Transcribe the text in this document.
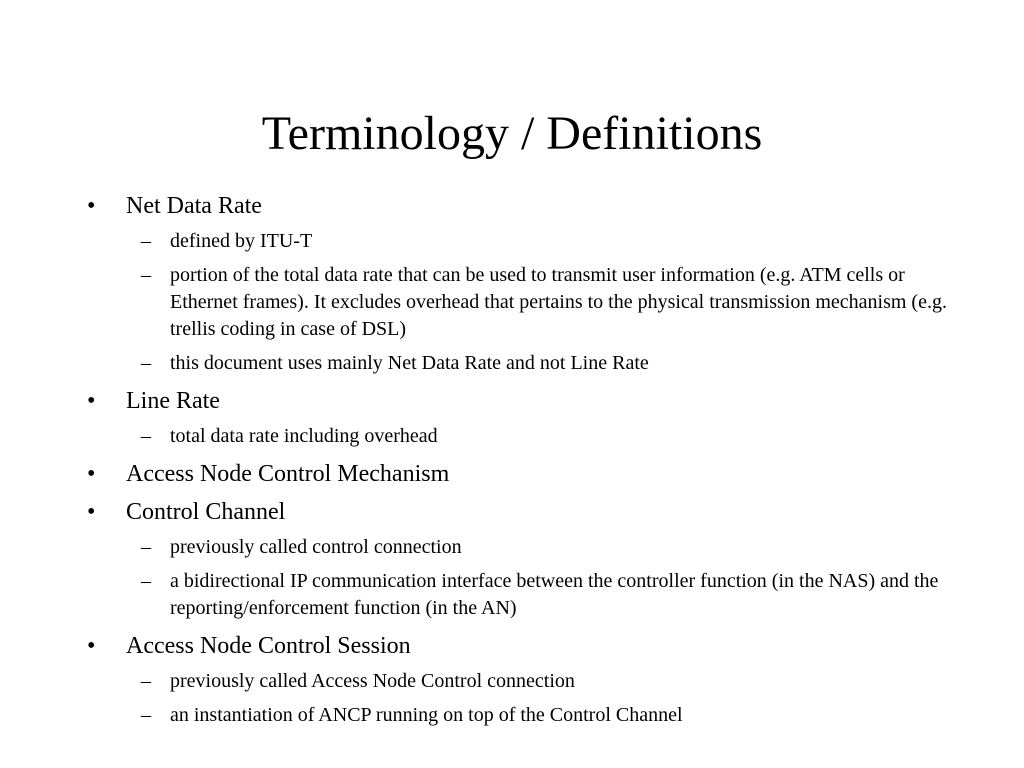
Terminology / Definitions
• Net Data Rate
– defined by ITU-T
– portion of the total data rate that can be used to transmit user information (e.g. ATM cells or Ethernet frames). It excludes overhead that pertains to the physical transmission mechanism (e.g. trellis coding in case of DSL)
– this document uses mainly Net Data Rate and not Line Rate
• Line Rate
– total data rate including overhead
• Access Node Control Mechanism
• Control Channel
– previously called control connection
– a bidirectional IP communication interface between the controller function (in the NAS) and the reporting/enforcement function (in the AN)
• Access Node Control Session
– previously called Access Node Control connection
– an instantiation of ANCP running on top of the Control Channel
